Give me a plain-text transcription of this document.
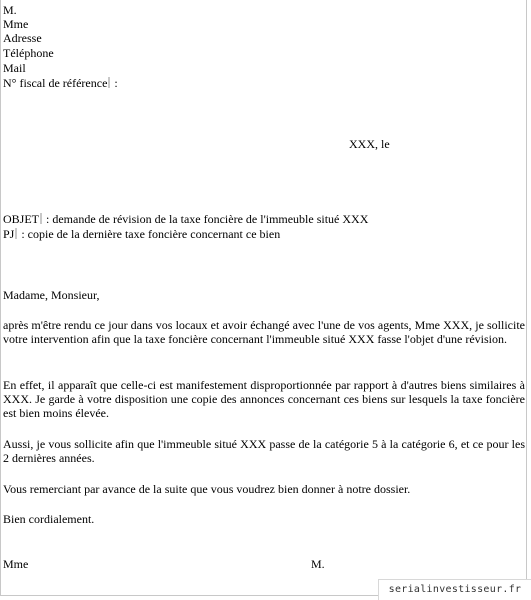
M.
Mme
Adresse
Téléphone
Mail
N° fiscal de référence :
XXX, le
OBJET : demande de révision de la taxe foncière de l'immeuble situé XXX
PJ : copie de la dernière taxe foncière concernant ce bien
Madame, Monsieur,
après m'être rendu ce jour dans vos locaux et avoir échangé avec l'une de vos agents, Mme XXX, je sollicite votre intervention afin que la taxe foncière concernant l'immeuble situé XXX fasse l'objet d'une révision.
En effet, il apparaît que celle-ci est manifestement disproportionnée par rapport à d'autres biens similaires à XXX. Je garde à votre disposition une copie des annonces concernant ces biens sur lesquels la taxe foncière est bien moins élevée.
Aussi, je vous sollicite afin que l'immeuble situé XXX passe de la catégorie 5 à la catégorie 6, et ce pour les 2 dernières années.
Vous remerciant par avance de la suite que vous voudrez bien donner à notre dossier.
Bien cordialement.
Mme	M.
serialinvestisseur.fr
